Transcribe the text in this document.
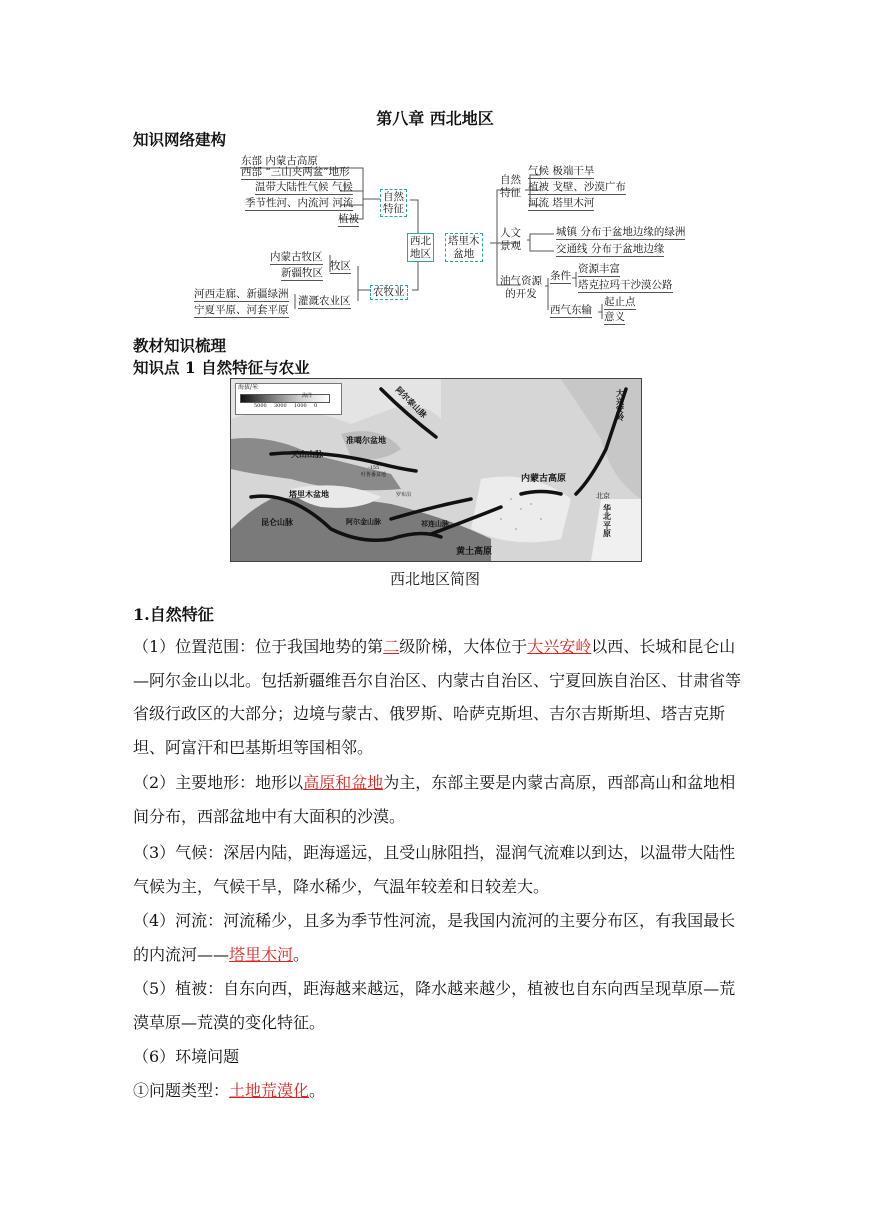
第八章 西北地区
知识网络建构
东部 内蒙古高原
西部 “三山夹两盆”地形
温带大陆性气候 气候
季节性河、内流河 河流
植被
自然
特征
西北
地区
塔里木
盆地
内蒙古牧区
新疆牧区
牧区
农牧业
河西走廊、新疆绿洲
宁夏平原、河套平原
灌溉农业区
自然
特征
气候 极端干旱
植被 戈壁、沙漠广布
河流 塔里木河
人文
景观
城镇 分布于盆地边缘的绿洲
交通线 分布于盆地边缘
油气资源
的开发
条件
资源丰富
塔克拉玛干沙漠公路
西气东输
起止点
意义
教材知识梳理
知识点 1 自然特征与农业
海拔/米
海洋
5000 3000 1000 0	阿尔泰山脉
准噶尔盆地
天山山脉
塔里木盆地
阿尔金山脉	祁连山脉
昆仑山脉
黄土高原
内蒙古高原
大兴安岭
吐鲁番盆地
华北平原
北京
-155
罗布泊
西北地区简图
1.自然特征
（1）位置范围：位于我国地势的第二级阶梯，大体位于大兴安岭以西、长城和昆仑山—阿尔金山以北。包括新疆维吾尔自治区、内蒙古自治区、宁夏回族自治区、甘肃省等省级行政区的大部分；边境与蒙古、俄罗斯、哈萨克斯坦、吉尔吉斯斯坦、塔吉克斯坦、阿富汗和巴基斯坦等国相邻。
（2）主要地形：地形以高原和盆地为主，东部主要是内蒙古高原，西部高山和盆地相间分布，西部盆地中有大面积的沙漠。
（3）气候：深居内陆，距海遥远，且受山脉阻挡，湿润气流难以到达，以温带大陆性气候为主，气候干旱，降水稀少，气温年较差和日较差大。
（4）河流：河流稀少，且多为季节性河流，是我国内流河的主要分布区，有我国最长的内流河——塔里木河。
（5）植被：自东向西，距海越来越远，降水越来越少，植被也自东向西呈现草原—荒漠草原—荒漠的变化特征。
（6）环境问题
①问题类型：土地荒漠化。
